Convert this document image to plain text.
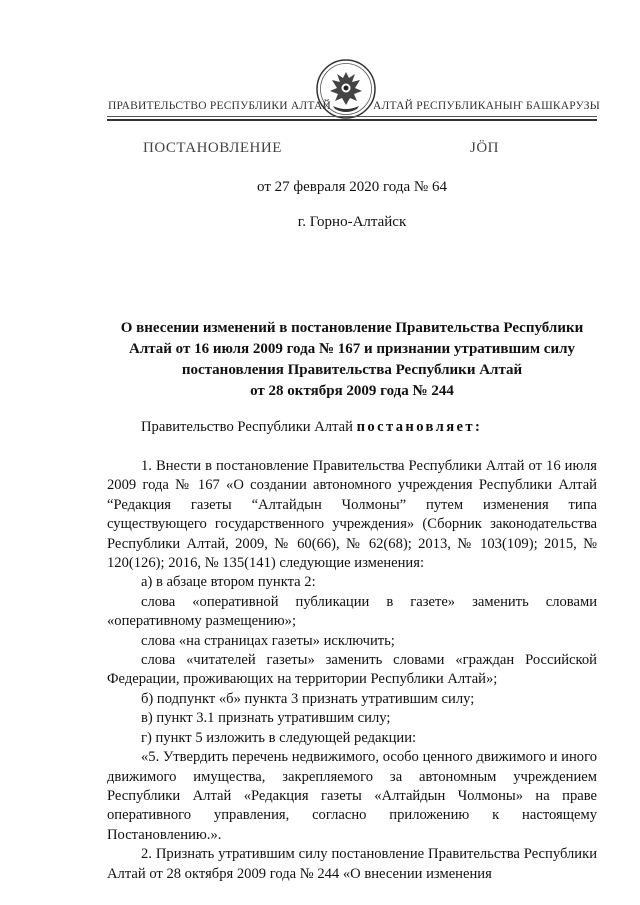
ПРАВИТЕЛЬСТВО РЕСПУБЛИКИ АЛТАЙ	АЛТАЙ РЕСПУБЛИКАНЫҤ БАШКАРУЗЫ
ПОСТАНОВЛЕНИЕ	ЈӦП
от 27 февраля 2020 года № 64
г. Горно-Алтайск
О внесении изменений в постановление Правительства Республики
Алтай от 16 июля 2009 года № 167 и признании утратившим силу
постановления Правительства Республики Алтай
от 28 октября 2009 года № 244

Правительство Республики Алтай постановляет:

1. Внести в постановление Правительства Республики Алтай от 16 июля 2009 года № 167 «О создании автономного учреждения Республики Алтай “Редакция газеты “Алтайдын Чолмоны” путем изменения типа существующего государственного учреждения» (Сборник законодательства Республики Алтай, 2009, № 60(66), № 62(68); 2013, № 103(109); 2015, № 120(126); 2016, № 135(141) следующие изменения:

а) в абзаце втором пункта 2:

слова «оперативной публикации в газете» заменить словами «оперативному размещению»;

слова «на страницах газеты» исключить;

слова «читателей газеты» заменить словами «граждан Российской Федерации, проживающих на территории Республики Алтай»;

б) подпункт «б» пункта 3 признать утратившим силу;

в) пункт 3.1 признать утратившим силу;

г) пункт 5 изложить в следующей редакции:

«5. Утвердить перечень недвижимого, особо ценного движимого и иного движимого имущества, закрепляемого за автономным учреждением Республики Алтай «Редакция газеты «Алтайдын Чолмоны» на праве оперативного управления, согласно приложению к настоящему Постановлению.».

2. Признать утратившим силу постановление Правительства Республики Алтай от 28 октября 2009 года № 244 «О внесении изменения
